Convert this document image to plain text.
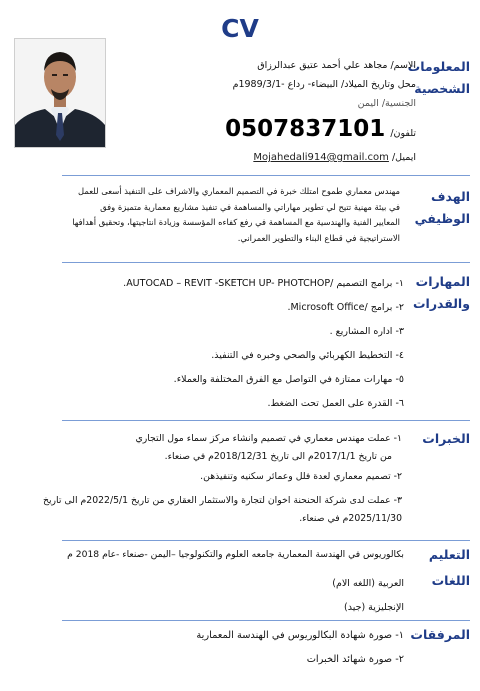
CV
المعلومات
الشخصية
الاسم/ مجاهد علي أحمد عتيق عبدالرزاق
محل وتاريخ الميلاد/ البيضاء- رداع -1989/3/1م
الجنسية/ اليمن
تلفون/ 0507837101
ايميل/ Mojahedali914@gmail.com
الهدف
الوظيفي
مهندس معماري طموح امتلك خبرة في التصميم المعماري والاشراف على التنفيذ أسعى للعمل
في بيئة مهنية تتيح لي تطوير مهاراتي والمساهمة في تنفيذ مشاريع معمارية متميزة وفق
المعايير الفنية والهندسية مع المساهمة في رفع كفاءه المؤسسة وزيادة انتاجيتها، وتحقيق أهدافها
الاستراتيجية في قطاع البناء والتطوير العمراني.
المهارات
والقدرات
١- برامج التصميم /AUTOCAD – REVIT -SKETCH UP- PHOTCHOP.
٢- برامج /Microsoft Office.
٣- اداره المشاريع .
٤- التخطيط الكهربائي والصحي وخبره في التنفيذ.
٥- مهارات ممتازة في التواصل مع الفرق المختلفة والعملاء.
٦- القدرة على العمل تحت الضغط.
الخبرات
١- عملت مهندس معماري في تصميم وانشاء مركز سماء مول التجاري
من تاريخ 2017/1/1م الى تاريخ 2018/12/31م في صنعاء.
٢- تصميم معماري لعدة فلل وعمائر سكنيه وتنفيذهن.
٣- عملت لدى شركة الحنحنة اخوان لتجارة والاستثمار العقاري من تاريخ 2022/5/1م الى تاريخ
2025/11/30م في صنعاء.
التعليم
بكالوريوس في الهندسة المعمارية جامعه العلوم والتكنولوجيا –اليمن -صنعاء -عام 2018 م
اللغات
العربية (اللغه الام)
الإنجليزية (جيد)
المرفقات
١- صورة شهادة البكالوريوس في الهندسة المعمارية
٢- صورة شهائد الخبرات
